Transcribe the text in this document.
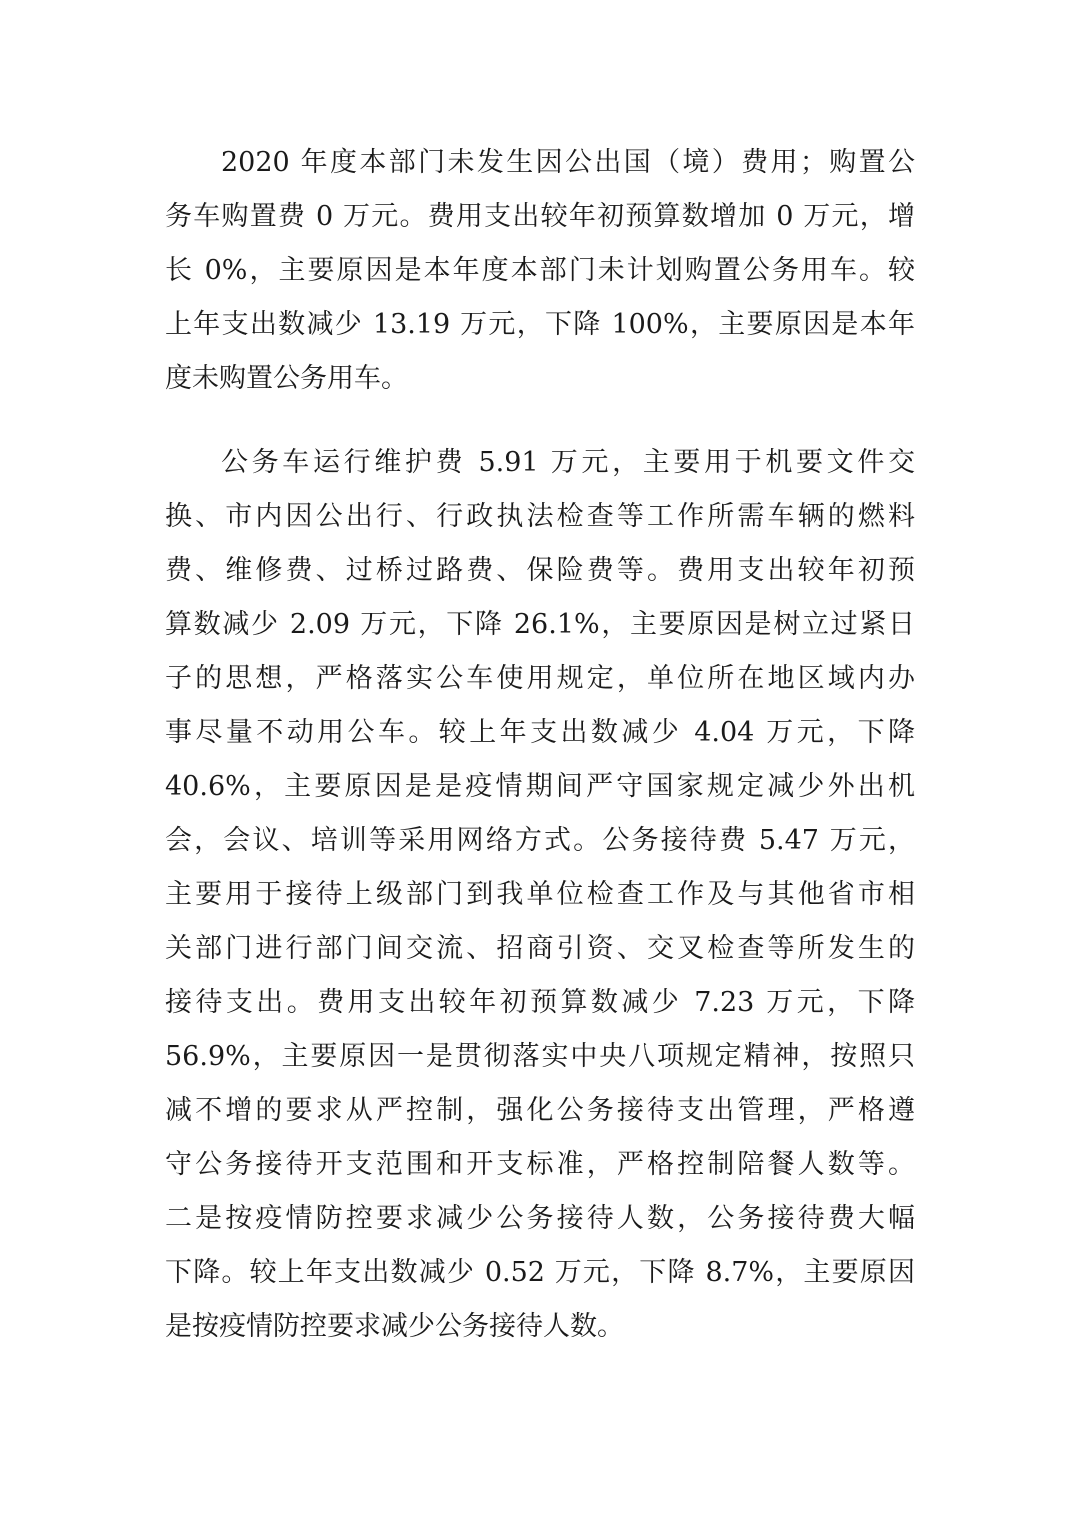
2020 年度本部门未发生因公出国（境）费用；购置公
务车购置费 0 万元。费用支出较年初预算数增加 0 万元，增
长 0%，主要原因是本年度本部门未计划购置公务用车。较
上年支出数减少 13.19 万元，下降 100%，主要原因是本年
度未购置公务用车。
公务车运行维护费 5.91 万元，主要用于机要文件交
换、市内因公出行、行政执法检查等工作所需车辆的燃料
费、维修费、过桥过路费、保险费等。费用支出较年初预
算数减少 2.09 万元，下降 26.1%，主要原因是树立过紧日
子的思想，严格落实公车使用规定，单位所在地区域内办
事尽量不动用公车。较上年支出数减少 4.04 万元，下降
40.6%，主要原因是是疫情期间严守国家规定减少外出机
会，会议、培训等采用网络方式。公务接待费 5.47 万元，
主要用于接待上级部门到我单位检查工作及与其他省市相
关部门进行部门间交流、招商引资、交叉检查等所发生的
接待支出。费用支出较年初预算数减少 7.23 万元，下降
56.9%，主要原因一是贯彻落实中央八项规定精神，按照只
减不增的要求从严控制，强化公务接待支出管理，严格遵
守公务接待开支范围和开支标准，严格控制陪餐人数等。
二是按疫情防控要求减少公务接待人数，公务接待费大幅
下降。较上年支出数减少 0.52 万元，下降 8.7%，主要原因
是按疫情防控要求减少公务接待人数。
